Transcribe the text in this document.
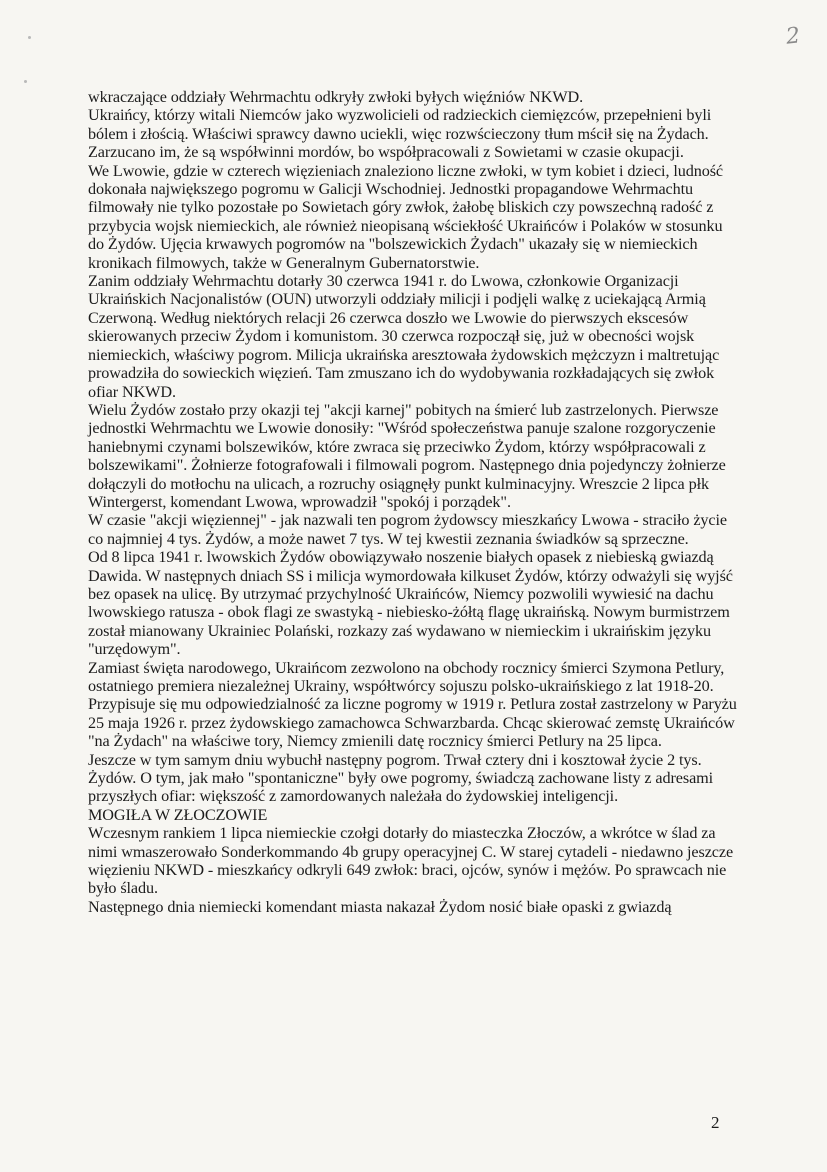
2

wkraczające oddziały Wehrmachtu odkryły zwłoki byłych więźniów NKWD.

Ukraińcy, którzy witali Niemców jako wyzwolicieli od radzieckich ciemięzców, przepełnieni byli bólem i złością. Właściwi sprawcy dawno uciekli, więc rozwścieczony tłum mścił się na Żydach. Zarzucano im, że są współwinni mordów, bo współpracowali z Sowietami w czasie okupacji.

We Lwowie, gdzie w czterech więzieniach znaleziono liczne zwłoki, w tym kobiet i dzieci, ludność dokonała największego pogromu w Galicji Wschodniej. Jednostki propagandowe Wehrmachtu filmowały nie tylko pozostałe po Sowietach góry zwłok, żałobę bliskich czy powszechną radość z przybycia wojsk niemieckich, ale również nieopisaną wściekłość Ukraińców i Polaków w stosunku do Żydów. Ujęcia krwawych pogromów na "bolszewickich Żydach" ukazały się w niemieckich kronikach filmowych, także w Generalnym Gubernatorstwie.

Zanim oddziały Wehrmachtu dotarły 30 czerwca 1941 r. do Lwowa, członkowie Organizacji Ukraińskich Nacjonalistów (OUN) utworzyli oddziały milicji i podjęli walkę z uciekającą Armią Czerwoną. Według niektórych relacji 26 czerwca doszło we Lwowie do pierwszych ekscesów skierowanych przeciw Żydom i komunistom. 30 czerwca rozpoczął się, już w obecności wojsk niemieckich, właściwy pogrom. Milicja ukraińska aresztowała żydowskich mężczyzn i maltretując prowadziła do sowieckich więzień. Tam zmuszano ich do wydobywania rozkładających się zwłok ofiar NKWD.

Wielu Żydów zostało przy okazji tej "akcji karnej" pobitych na śmierć lub zastrzelonych. Pierwsze jednostki Wehrmachtu we Lwowie donosiły: "Wśród społeczeństwa panuje szalone rozgoryczenie haniebnymi czynami bolszewików, które zwraca się przeciwko Żydom, którzy współpracowali z bolszewikami". Żołnierze fotografowali i filmowali pogrom. Następnego dnia pojedynczy żołnierze dołączyli do motłochu na ulicach, a rozruchy osiągnęły punkt kulminacyjny. Wreszcie 2 lipca płk Wintergerst, komendant Lwowa, wprowadził "spokój i porządek".

W czasie "akcji więziennej" - jak nazwali ten pogrom żydowscy mieszkańcy Lwowa - straciło życie co najmniej 4 tys. Żydów, a może nawet 7 tys. W tej kwestii zeznania świadków są sprzeczne.

Od 8 lipca 1941 r. lwowskich Żydów obowiązywało noszenie białych opasek z niebieską gwiazdą Dawida. W następnych dniach SS i milicja wymordowała kilkuset Żydów, którzy odważyli się wyjść bez opasek na ulicę. By utrzymać przychylność Ukraińców, Niemcy pozwolili wywiesić na dachu lwowskiego ratusza - obok flagi ze swastyką - niebiesko-żółtą flagę ukraińską. Nowym burmistrzem został mianowany Ukrainiec Polański, rozkazy zaś wydawano w niemieckim i ukraińskim języku "urzędowym".

Zamiast święta narodowego, Ukraińcom zezwolono na obchody rocznicy śmierci Szymona Petlury, ostatniego premiera niezależnej Ukrainy, współtwórcy sojuszu polsko-ukraińskiego z lat 1918-20. Przypisuje się mu odpowiedzialność za liczne pogromy w 1919 r. Petlura został zastrzelony w Paryżu 25 maja 1926 r. przez żydowskiego zamachowca Schwarzbarda. Chcąc skierować zemstę Ukraińców "na Żydach" na właściwe tory, Niemcy zmienili datę rocznicy śmierci Petlury na 25 lipca.

Jeszcze w tym samym dniu wybuchł następny pogrom. Trwał cztery dni i kosztował życie 2 tys. Żydów. O tym, jak mało "spontaniczne" były owe pogromy, świadczą zachowane listy z adresami przyszłych ofiar: większość z zamordowanych należała do żydowskiej inteligencji.

MOGIŁA W ZŁOCZOWIE

Wczesnym rankiem 1 lipca niemieckie czołgi dotarły do miasteczka Złoczów, a wkrótce w ślad za nimi wmaszerowało Sonderkommando 4b grupy operacyjnej C. W starej cytadeli - niedawno jeszcze więzieniu NKWD - mieszkańcy odkryli 649 zwłok: braci, ojców, synów i mężów. Po sprawcach nie było śladu.

Następnego dnia niemiecki komendant miasta nakazał Żydom nosić białe opaski z gwiazdą

2
